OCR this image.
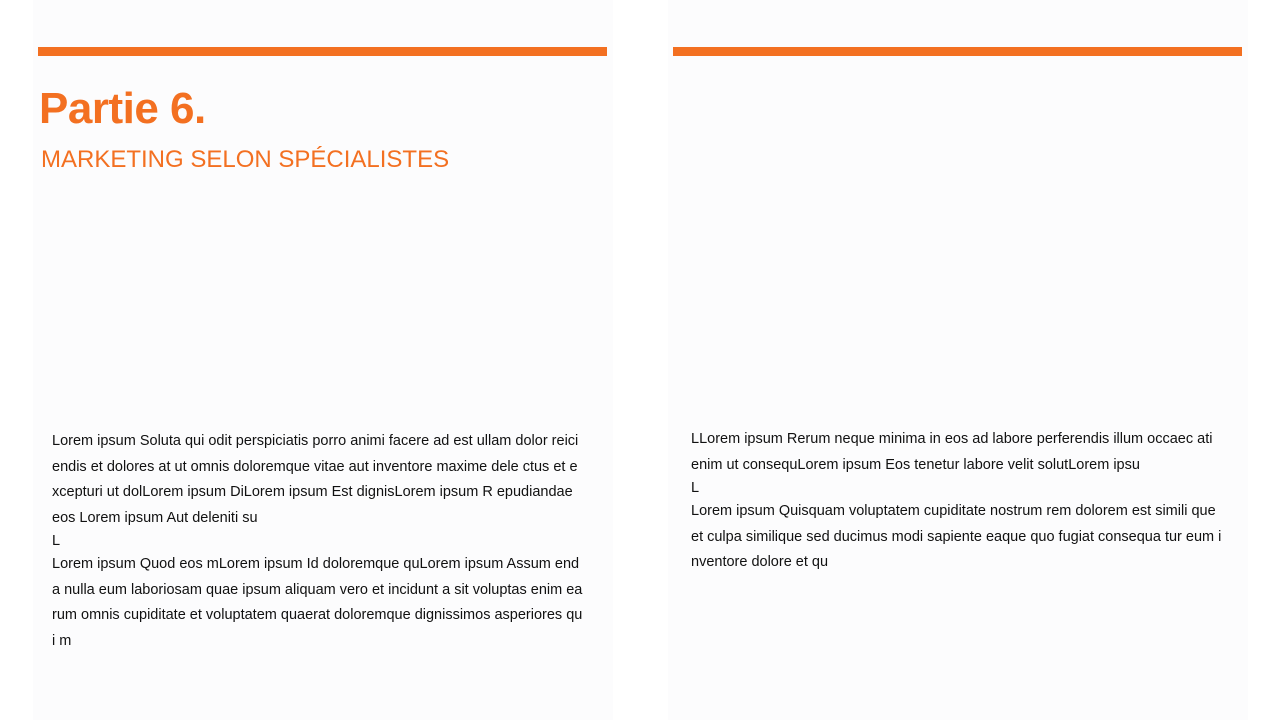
Partie 6.
MARKETING SELON SPÉCIALISTES

Lorem ipsum Soluta qui odit perspiciatis porro animi facere ad est ullam dolor reiciendis et dolores at ut omnis doloremque vitae aut inventore maxime dele ctus et excepturi ut dolLorem ipsum DiLorem ipsum Est dignisLorem ipsum R epudiandae eos Lorem ipsum Aut deleniti su

L

Lorem ipsum Quod eos mLorem ipsum Id doloremque quLorem ipsum Assum enda nulla eum laboriosam quae ipsum aliquam vero et incidunt a sit voluptas enim earum omnis cupiditate et voluptatem quaerat doloremque dignissimos asperiores qui m

LLorem ipsum Rerum neque minima in eos ad labore perferendis illum occaec ati enim ut consequLorem ipsum Eos tenetur labore velit solutLorem ipsu

L

Lorem ipsum Quisquam voluptatem cupiditate nostrum rem dolorem est simili que et culpa similique sed ducimus modi sapiente eaque quo fugiat consequa tur eum inventore dolore et qu
